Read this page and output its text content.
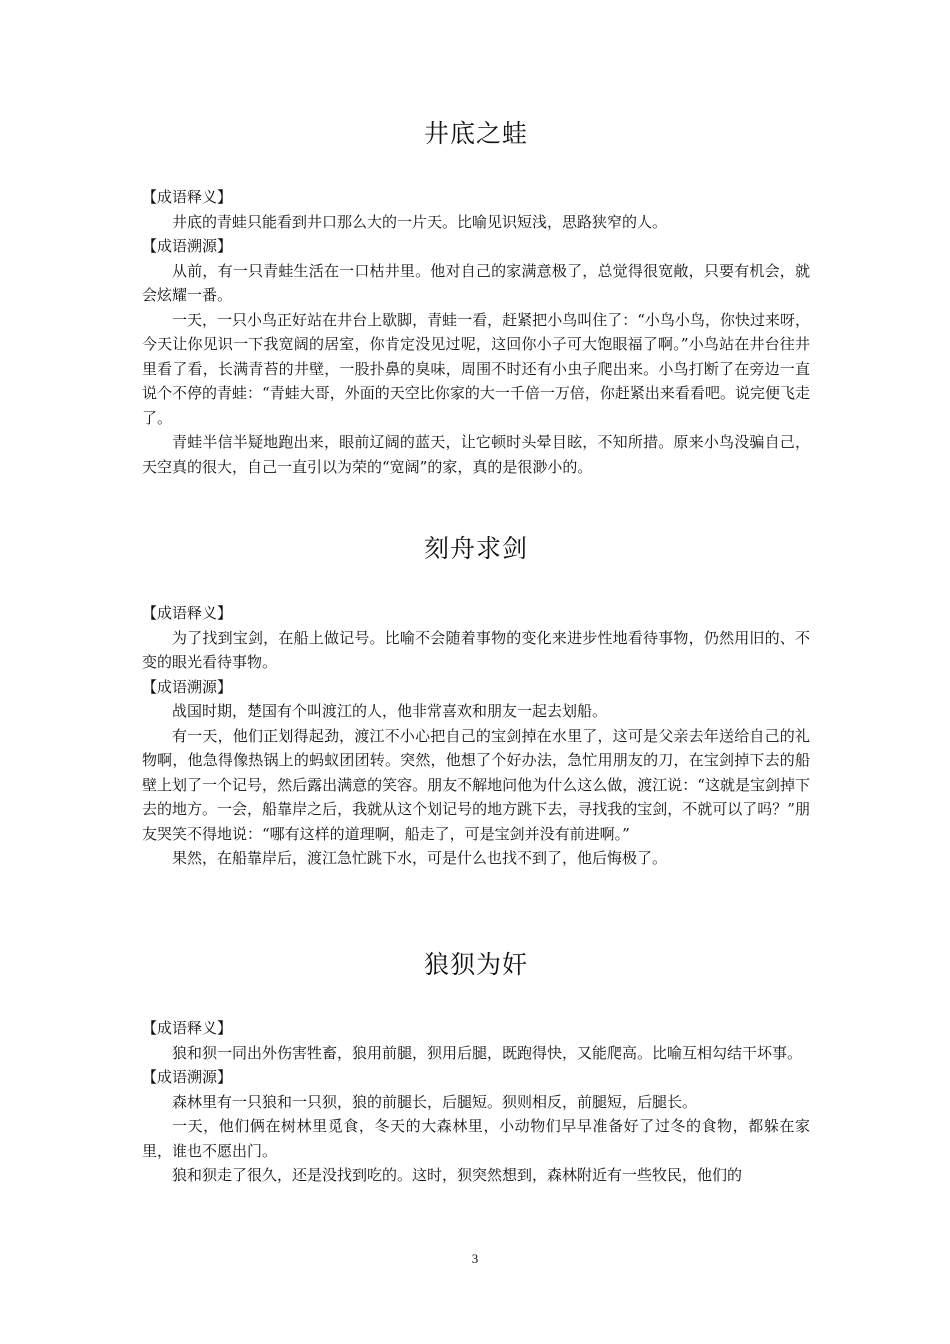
井底之蛙

【成语释义】

井底的青蛙只能看到井口那么大的一片天。比喻见识短浅，思路狭窄的人。

【成语溯源】

从前，有一只青蛙生活在一口枯井里。他对自己的家满意极了，总觉得很宽敞，只要有机会，就会炫耀一番。

一天，一只小鸟正好站在井台上歇脚，青蛙一看，赶紧把小鸟叫住了：“小鸟小鸟，你快过来呀，今天让你见识一下我宽阔的居室，你肯定没见过呢，这回你小子可大饱眼福了啊。”小鸟站在井台往井里看了看，长满青苔的井壁，一股扑鼻的臭味，周围不时还有小虫子爬出来。小鸟打断了在旁边一直说个不停的青蛙：“青蛙大哥，外面的天空比你家的大一千倍一万倍，你赶紧出来看看吧。说完便飞走了。

青蛙半信半疑地跑出来，眼前辽阔的蓝天，让它顿时头晕目眩，不知所措。原来小鸟没骗自己，天空真的很大，自己一直引以为荣的“宽阔”的家，真的是很渺小的。

刻舟求剑

【成语释义】

为了找到宝剑，在船上做记号。比喻不会随着事物的变化来进步性地看待事物，仍然用旧的、不变的眼光看待事物。

【成语溯源】

战国时期，楚国有个叫渡江的人，他非常喜欢和朋友一起去划船。

有一天，他们正划得起劲，渡江不小心把自己的宝剑掉在水里了，这可是父亲去年送给自己的礼物啊，他急得像热锅上的蚂蚁团团转。突然，他想了个好办法，急忙用朋友的刀，在宝剑掉下去的船壁上划了一个记号，然后露出满意的笑容。朋友不解地问他为什么这么做，渡江说：“这就是宝剑掉下去的地方。一会，船靠岸之后，我就从这个划记号的地方跳下去，寻找我的宝剑，不就可以了吗？”朋友哭笑不得地说：“哪有这样的道理啊，船走了，可是宝剑并没有前进啊。”

果然，在船靠岸后，渡江急忙跳下水，可是什么也找不到了，他后悔极了。

狼狈为奸

【成语释义】

狼和狈一同出外伤害牲畜，狼用前腿，狈用后腿，既跑得快，又能爬高。比喻互相勾结干坏事。

【成语溯源】

森林里有一只狼和一只狈，狼的前腿长，后腿短。狈则相反，前腿短，后腿长。

一天，他们俩在树林里觅食，冬天的大森林里，小动物们早早准备好了过冬的食物，都躲在家里，谁也不愿出门。

狼和狈走了很久，还是没找到吃的。这时，狈突然想到，森林附近有一些牧民，他们的

3
